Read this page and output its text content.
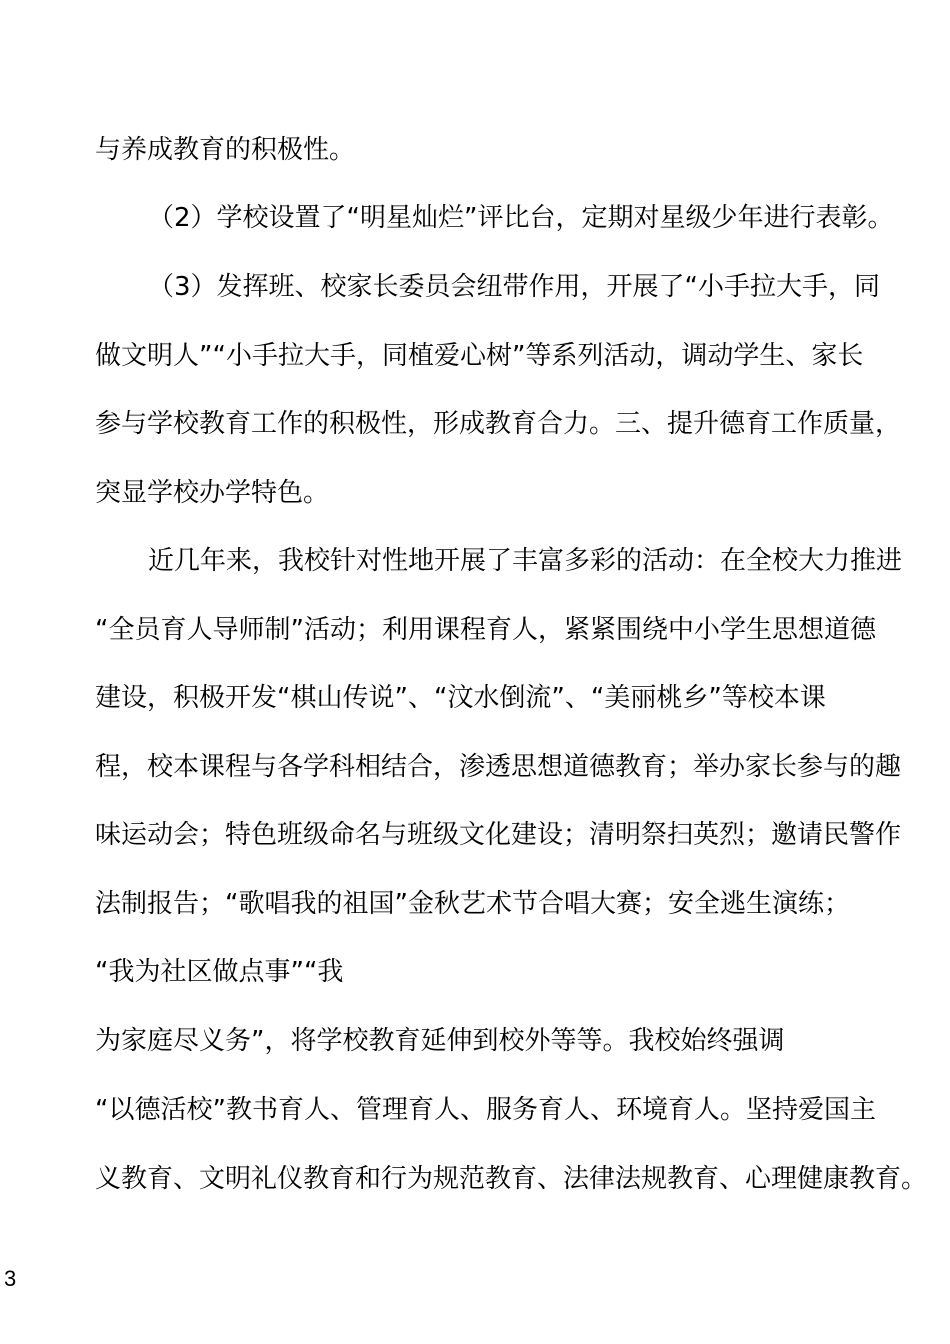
与养成教育的积极性。
（2）学校设置了“明星灿烂”评比台，定期对星级少年进行表彰。
（3）发挥班、校家长委员会纽带作用，开展了“小手拉大手，同
做文明人”“小手拉大手，同植爱心树”等系列活动，调动学生、家长
参与学校教育工作的积极性，形成教育合力。三、提升德育工作质量，
突显学校办学特色。
近几年来，我校针对性地开展了丰富多彩的活动：在全校大力推进
“全员育人导师制”活动；利用课程育人，紧紧围绕中小学生思想道德
建设，积极开发“棋山传说”、“汶水倒流”、“美丽桃乡”等校本课
程，校本课程与各学科相结合，渗透思想道德教育；举办家长参与的趣
味运动会；特色班级命名与班级文化建设；清明祭扫英烈；邀请民警作
法制报告；“歌唱我的祖国”金秋艺术节合唱大赛；安全逃生演练；
“我为社区做点事”“我
为家庭尽义务”，将学校教育延伸到校外等等。我校始终强调
“以德活校”教书育人、管理育人、服务育人、环境育人。坚持爱国主
义教育、文明礼仪教育和行为规范教育、法律法规教育、心理健康教育。
3
